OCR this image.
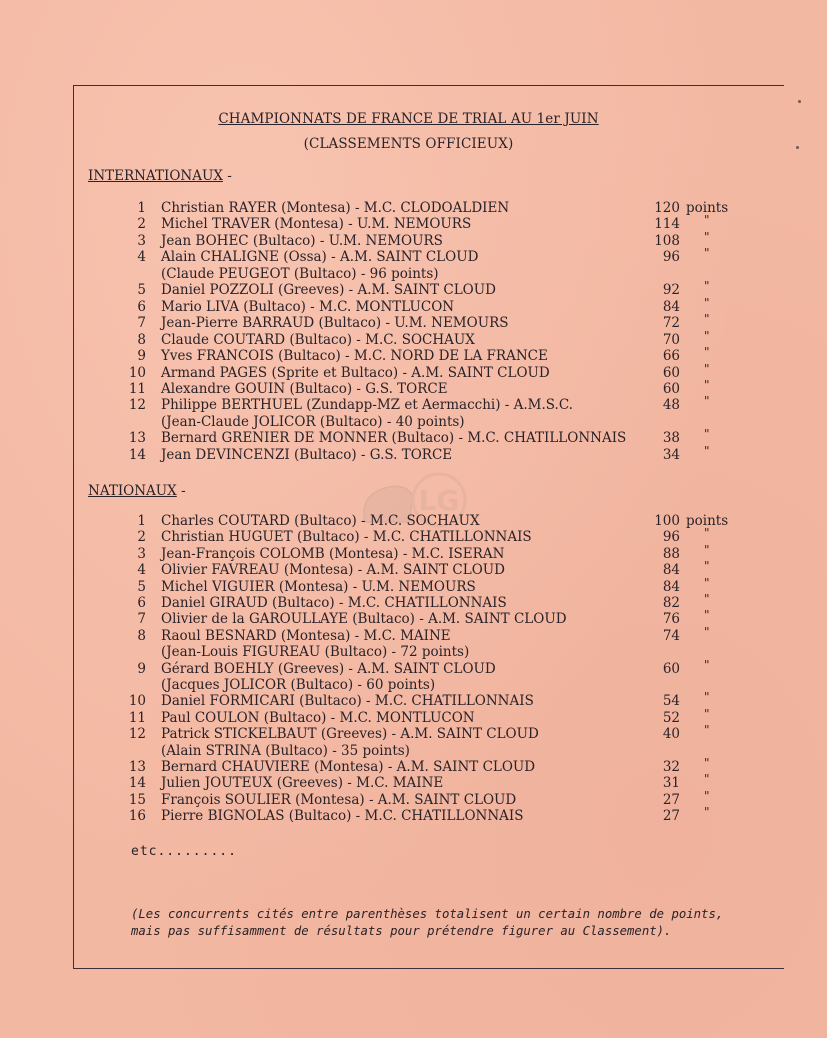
LG
CHAMPIONNATS DE FRANCE DE TRIAL AU 1er JUIN
(CLASSEMENTS OFFICIEUX)
INTERNATIONAUX -
1 Christian RAYER (Montesa) - M.C. CLODOALDIEN	120 points
2 Michel TRAVER (Montesa) - U.M. NEMOURS	114 "
3 Jean BOHEC (Bultaco) - U.M. NEMOURS	108 "
4 Alain CHALIGNE (Ossa) - A.M. SAINT CLOUD	96 "
(Claude PEUGEOT (Bultaco) - 96 points)
5 Daniel POZZOLI (Greeves) - A.M. SAINT CLOUD	92 "
6 Mario LIVA (Bultaco) - M.C. MONTLUCON	84 "
7 Jean-Pierre BARRAUD (Bultaco) - U.M. NEMOURS	72 "
8 Claude COUTARD (Bultaco) - M.C. SOCHAUX	70 "
9 Yves FRANCOIS (Bultaco) - M.C. NORD DE LA FRANCE	66 "
10 Armand PAGES (Sprite et Bultaco) - A.M. SAINT CLOUD	60 "
11 Alexandre GOUIN (Bultaco) - G.S. TORCE	60 "
12 Philippe BERTHUEL (Zundapp-MZ et Aermacchi) - A.M.S.C.	48 "
(Jean-Claude JOLICOR (Bultaco) - 40 points)
13 Bernard GRENIER DE MONNER (Bultaco) - M.C. CHATILLONNAIS	38 "
14 Jean DEVINCENZI (Bultaco) - G.S. TORCE	34 "
NATIONAUX -
1 Charles COUTARD (Bultaco) - M.C. SOCHAUX	100 points
2 Christian HUGUET (Bultaco) - M.C. CHATILLONNAIS	96 "
3 Jean-François COLOMB (Montesa) - M.C. ISERAN	88 "
4 Olivier FAVREAU (Montesa) - A.M. SAINT CLOUD	84 "
5 Michel VIGUIER (Montesa) - U.M. NEMOURS	84 "
6 Daniel GIRAUD (Bultaco) - M.C. CHATILLONNAIS	82 "
7 Olivier de la GAROULLAYE (Bultaco) - A.M. SAINT CLOUD	76 "
8 Raoul BESNARD (Montesa) - M.C. MAINE	74 "
(Jean-Louis FIGUREAU (Bultaco) - 72 points)
9 Gérard BOEHLY (Greeves) - A.M. SAINT CLOUD	60 "
(Jacques JOLICOR (Bultaco) - 60 points)
10 Daniel FORMICARI (Bultaco) - M.C. CHATILLONNAIS	54 "
11 Paul COULON (Bultaco) - M.C. MONTLUCON	52 "
12 Patrick STICKELBAUT (Greeves) - A.M. SAINT CLOUD	40 "
(Alain STRINA (Bultaco) - 35 points)
13 Bernard CHAUVIERE (Montesa) - A.M. SAINT CLOUD	32 "
14 Julien JOUTEUX (Greeves) - M.C. MAINE	31 "
15 François SOULIER (Montesa) - A.M. SAINT CLOUD	27 "
16 Pierre BIGNOLAS (Bultaco) - M.C. CHATILLONNAIS	27 "
etc.........
(Les concurrents cités entre parenthèses totalisent un certain nombre de points, mais pas suffisamment de résultats pour prétendre figurer au Classement).
